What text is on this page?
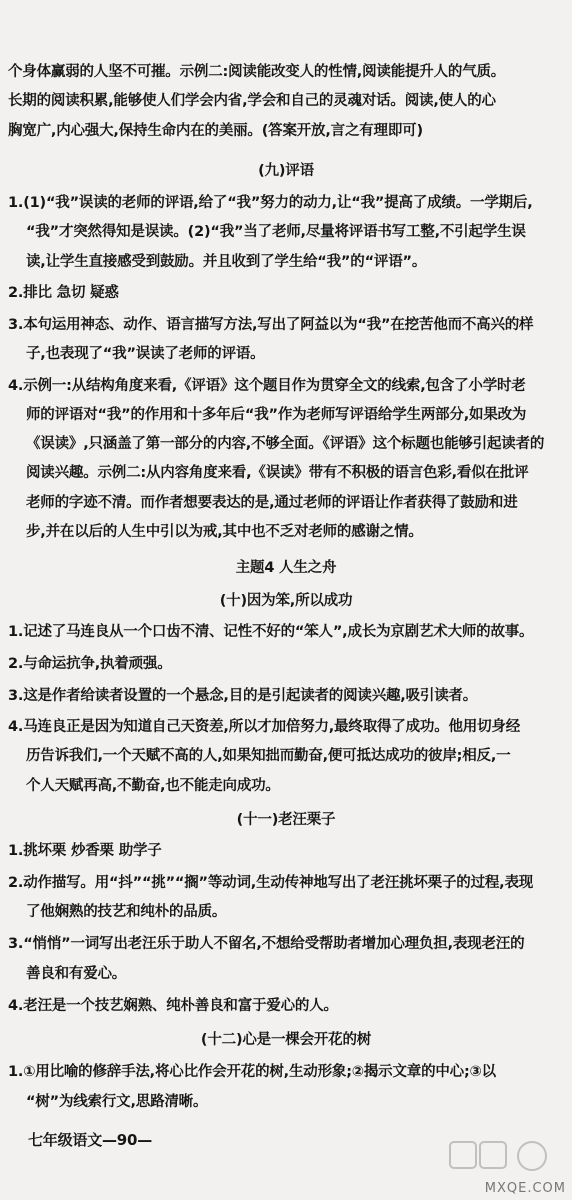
个身体赢弱的人坚不可摧。示例二:阅读能改变人的性情,阅读能提升人的气质。
长期的阅读积累,能够使人们学会内省,学会和自己的灵魂对话。阅读,使人的心
胸宽广,内心强大,保持生命内在的美丽。(答案开放,言之有理即可)
(九)评语
1.(1)“我”误读的老师的评语,给了“我”努力的动力,让“我”提高了成绩。一学期后,
“我”才突然得知是误读。(2)“我”当了老师,尽量将评语书写工整,不引起学生误
读,让学生直接感受到鼓励。并且收到了学生给“我”的“评语”。
2.排比 急切 疑惑
3.本句运用神态、动作、语言描写方法,写出了阿益以为“我”在挖苦他而不高兴的样
子,也表现了“我”误读了老师的评语。
4.示例一:从结构角度来看,《评语》这个题目作为贯穿全文的线索,包含了小学时老
师的评语对“我”的作用和十多年后“我”作为老师写评语给学生两部分,如果改为
《误读》,只涵盖了第一部分的内容,不够全面。《评语》这个标题也能够引起读者的
阅读兴趣。示例二:从内容角度来看,《误读》带有不积极的语言色彩,看似在批评
老师的字迹不清。而作者想要表达的是,通过老师的评语让作者获得了鼓励和进
步,并在以后的人生中引以为戒,其中也不乏对老师的感谢之情。
主题4 人生之舟
(十)因为笨,所以成功
1.记述了马连良从一个口齿不清、记性不好的“笨人”,成长为京剧艺术大师的故事。
2.与命运抗争,执着顽强。
3.这是作者给读者设置的一个悬念,目的是引起读者的阅读兴趣,吸引读者。
4.马连良正是因为知道自己天资差,所以才加倍努力,最终取得了成功。他用切身经
历告诉我们,一个天赋不高的人,如果知拙而勤奋,便可抵达成功的彼岸;相反,一
个人天赋再高,不勤奋,也不能走向成功。
(十一)老汪栗子
1.挑坏栗 炒香栗 助学子
2.动作描写。用“抖”“挑”“搁”等动词,生动传神地写出了老汪挑坏栗子的过程,表现
了他娴熟的技艺和纯朴的品质。
3.“悄悄”一词写出老汪乐于助人不留名,不想给受帮助者增加心理负担,表现老汪的
善良和有爱心。
4.老汪是一个技艺娴熟、纯朴善良和富于爱心的人。
(十二)心是一棵会开花的树
1.①用比喻的修辞手法,将心比作会开花的树,生动形象;②揭示文章的中心;③以
“树”为线索行文,思路清晰。
七年级语文—90—
MXQE.COM
